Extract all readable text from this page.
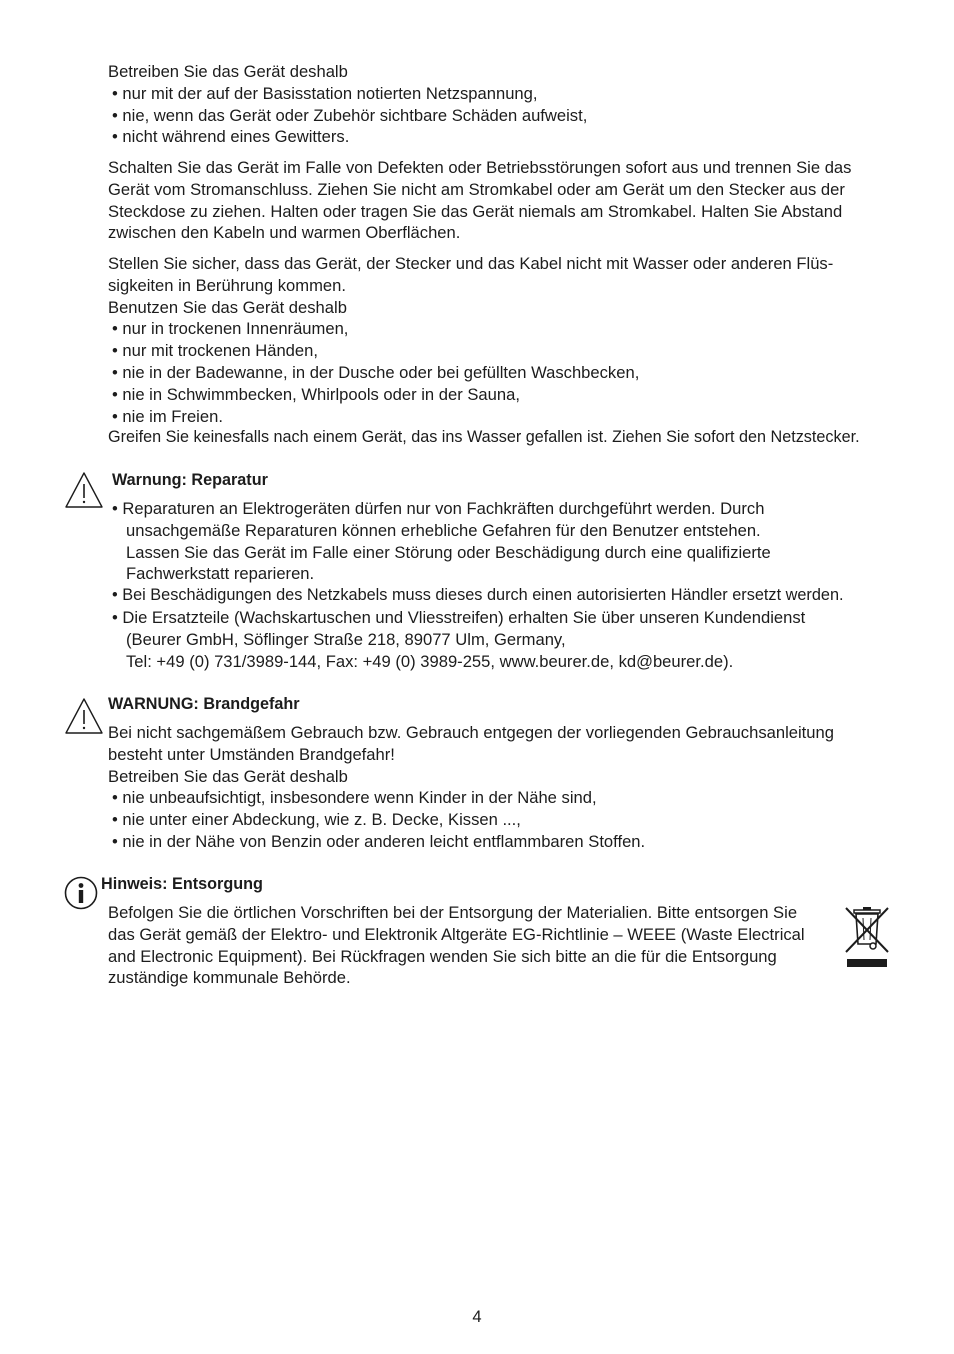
Betreiben Sie das Gerät deshalb
• nur mit der auf der Basisstation notierten Netzspannung,
• nie, wenn das Gerät oder Zubehör sichtbare Schäden aufweist,
• nicht während eines Gewitters.
Schalten Sie das Gerät im Falle von Defekten oder Betriebsstörungen sofort aus und trennen Sie das
Gerät vom Stromanschluss. Ziehen Sie nicht am Stromkabel oder am Gerät um den Stecker aus der
Steckdose zu ziehen. Halten oder tragen Sie das Gerät niemals am Stromkabel. Halten Sie Abstand
zwischen den Kabeln und warmen Oberflächen.
Stellen Sie sicher, dass das Gerät, der Stecker und das Kabel nicht mit Wasser oder anderen Flüs-
sigkeiten in Berührung kommen.
Benutzen Sie das Gerät deshalb
• nur in trockenen Innenräumen,
• nur mit trockenen Händen,
• nie in der Badewanne, in der Dusche oder bei gefüllten Waschbecken,
• nie in Schwimmbecken, Whirlpools oder in der Sauna,
• nie im Freien.
Greifen Sie keinesfalls nach einem Gerät, das ins Wasser gefallen ist. Ziehen Sie sofort den Netzstecker.
Warnung: Reparatur
• Reparaturen an Elektrogeräten dürfen nur von Fachkräften durchgeführt werden. Durch
unsachgemäße Reparaturen können erhebliche Gefahren für den Benutzer entstehen.
Lassen Sie das Gerät im Falle einer Störung oder Beschädigung durch eine qualifizierte
Fachwerkstatt reparieren.
• Bei Beschädigungen des Netzkabels muss dieses durch einen autorisierten Händler ersetzt werden.
• Die Ersatzteile (Wachskartuschen und Vliesstreifen) erhalten Sie über unseren Kundendienst
(Beurer GmbH, Söflinger Straße 218, 89077 Ulm, Germany,
Tel: +49 (0) 731/3989-144, Fax: +49 (0) 3989-255, www.beurer.de, kd@beurer.de).
WARNUNG: Brandgefahr
Bei nicht sachgemäßem Gebrauch bzw. Gebrauch entgegen der vorliegenden Gebrauchsanleitung
besteht unter Umständen Brandgefahr!
Betreiben Sie das Gerät deshalb
• nie unbeaufsichtigt, insbesondere wenn Kinder in der Nähe sind,
• nie unter einer Abdeckung, wie z. B. Decke, Kissen ...,
• nie in der Nähe von Benzin oder anderen leicht entflammbaren Stoffen.
Hinweis: Entsorgung
Befolgen Sie die örtlichen Vorschriften bei der Entsorgung der Materialien. Bitte entsorgen Sie
das Gerät gemäß der Elektro- und Elektronik Altgeräte EG-Richtlinie – WEEE (Waste Electrical
and Electronic Equipment). Bei Rückfragen wenden Sie sich bitte an die für die Entsorgung
zuständige kommunale Behörde.
4
